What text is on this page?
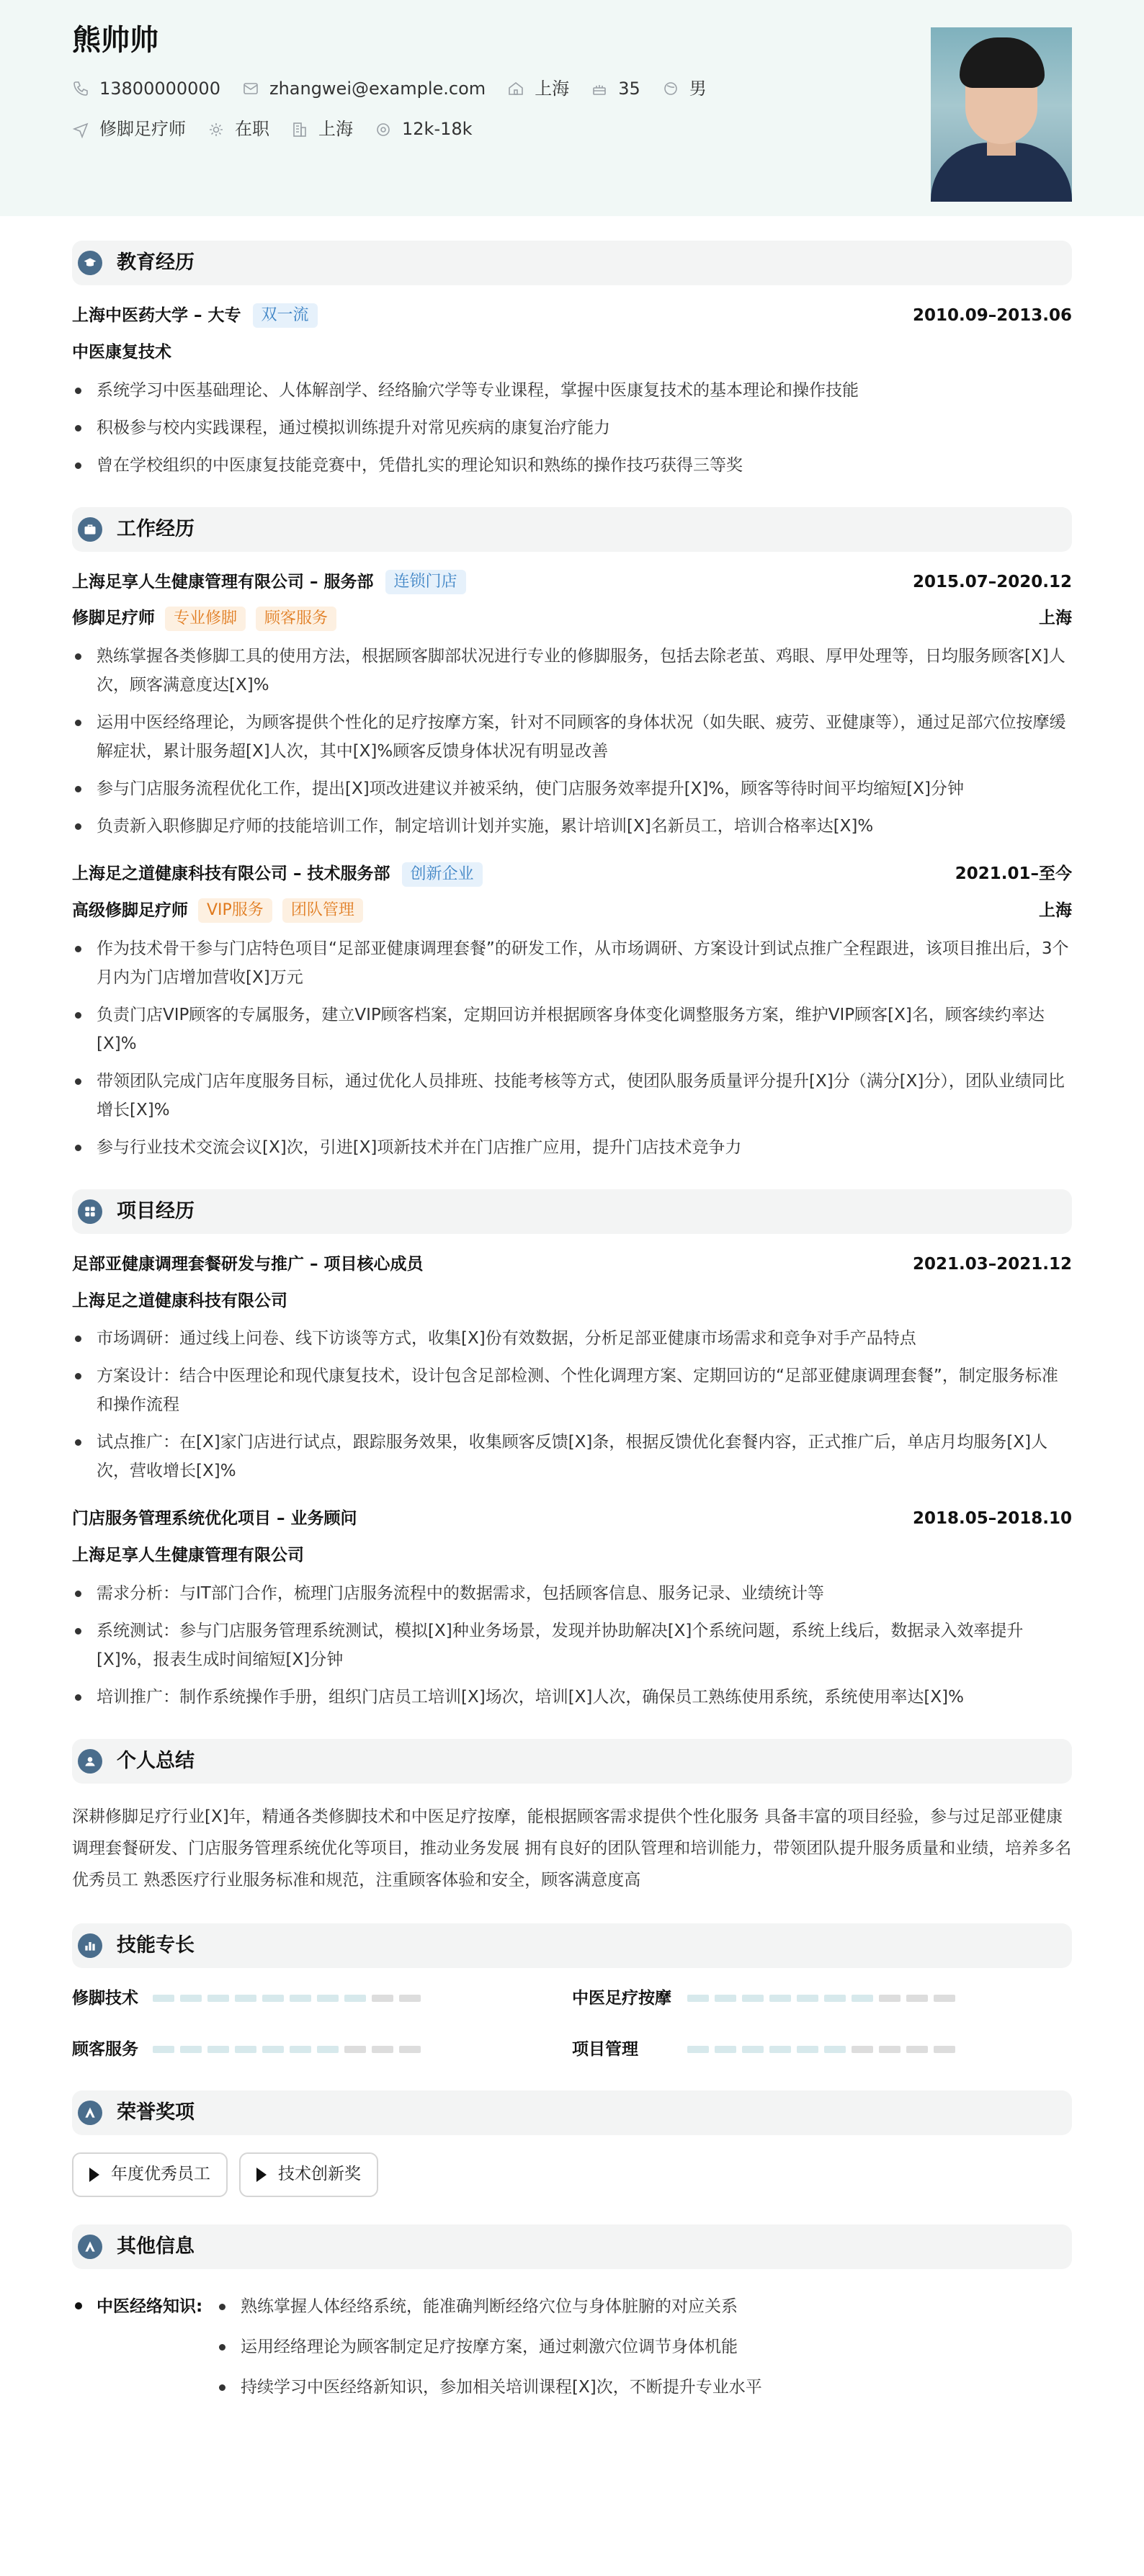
熊帅帅
13800000000	zhangwei@example.com	上海	35	男
修脚足疗师	在职	上海	12k-18k
教育经历
上海中医药大学 – 大专	双一流	2010.09–2013.06
中医康复技术
系统学习中医基础理论、人体解剖学、经络腧穴学等专业课程，掌握中医康复技术的基本理论和操作技能
积极参与校内实践课程，通过模拟训练提升对常见疾病的康复治疗能力
曾在学校组织的中医康复技能竞赛中，凭借扎实的理论知识和熟练的操作技巧获得三等奖
工作经历
上海足享人生健康管理有限公司 – 服务部	连锁门店	2015.07–2020.12
修脚足疗师	专业修脚	顾客服务	上海
熟练掌握各类修脚工具的使用方法，根据顾客脚部状况进行专业的修脚服务，包括去除老茧、鸡眼、厚甲处理等，日均服务顾客[X]人次，顾客满意度达[X]%
运用中医经络理论，为顾客提供个性化的足疗按摩方案，针对不同顾客的身体状况（如失眠、疲劳、亚健康等），通过足部穴位按摩缓解症状，累计服务超[X]人次，其中[X]%顾客反馈身体状况有明显改善
参与门店服务流程优化工作，提出[X]项改进建议并被采纳，使门店服务效率提升[X]%，顾客等待时间平均缩短[X]分钟
负责新入职修脚足疗师的技能培训工作，制定培训计划并实施，累计培训[X]名新员工，培训合格率达[X]%
上海足之道健康科技有限公司 – 技术服务部	创新企业	2021.01–至今
高级修脚足疗师	VIP服务	团队管理	上海
作为技术骨干参与门店特色项目“足部亚健康调理套餐”的研发工作，从市场调研、方案设计到试点推广全程跟进，该项目推出后，3个月内为门店增加营收[X]万元
负责门店VIP顾客的专属服务，建立VIP顾客档案，定期回访并根据顾客身体变化调整服务方案，维护VIP顾客[X]名，顾客续约率达[X]%
带领团队完成门店年度服务目标，通过优化人员排班、技能考核等方式，使团队服务质量评分提升[X]分（满分[X]分），团队业绩同比增长[X]%
参与行业技术交流会议[X]次，引进[X]项新技术并在门店推广应用，提升门店技术竞争力
项目经历
足部亚健康调理套餐研发与推广 – 项目核心成员	2021.03–2021.12
上海足之道健康科技有限公司
市场调研：通过线上问卷、线下访谈等方式，收集[X]份有效数据，分析足部亚健康市场需求和竞争对手产品特点
方案设计：结合中医理论和现代康复技术，设计包含足部检测、个性化调理方案、定期回访的“足部亚健康调理套餐”，制定服务标准和操作流程
试点推广：在[X]家门店进行试点，跟踪服务效果，收集顾客反馈[X]条，根据反馈优化套餐内容，正式推广后，单店月均服务[X]人次，营收增长[X]%
门店服务管理系统优化项目 – 业务顾问	2018.05–2018.10
上海足享人生健康管理有限公司
需求分析：与IT部门合作，梳理门店服务流程中的数据需求，包括顾客信息、服务记录、业绩统计等
系统测试：参与门店服务管理系统测试，模拟[X]种业务场景，发现并协助解决[X]个系统问题，系统上线后，数据录入效率提升[X]%，报表生成时间缩短[X]分钟
培训推广：制作系统操作手册，组织门店员工培训[X]场次，培训[X]人次，确保员工熟练使用系统，系统使用率达[X]%
个人总结

深耕修脚足疗行业[X]年，精通各类修脚技术和中医足疗按摩，能根据顾客需求提供个性化服务 具备丰富的项目经验，参与过足部亚健康调理套餐研发、门店服务管理系统优化等项目，推动业务发展 拥有良好的团队管理和培训能力，带领团队提升服务质量和业绩，培养多名优秀员工 熟悉医疗行业服务标准和规范，注重顾客体验和安全，顾客满意度高

技能专长
修脚技术	中医足疗按摩
顾客服务	项目管理
荣誉奖项
年度优秀员工	技术创新奖
其他信息
中医经络知识:	熟练掌握人体经络系统，能准确判断经络穴位与身体脏腑的对应关系
运用经络理论为顾客制定足疗按摩方案，通过刺激穴位调节身体机能
持续学习中医经络新知识，参加相关培训课程[X]次，不断提升专业水平
